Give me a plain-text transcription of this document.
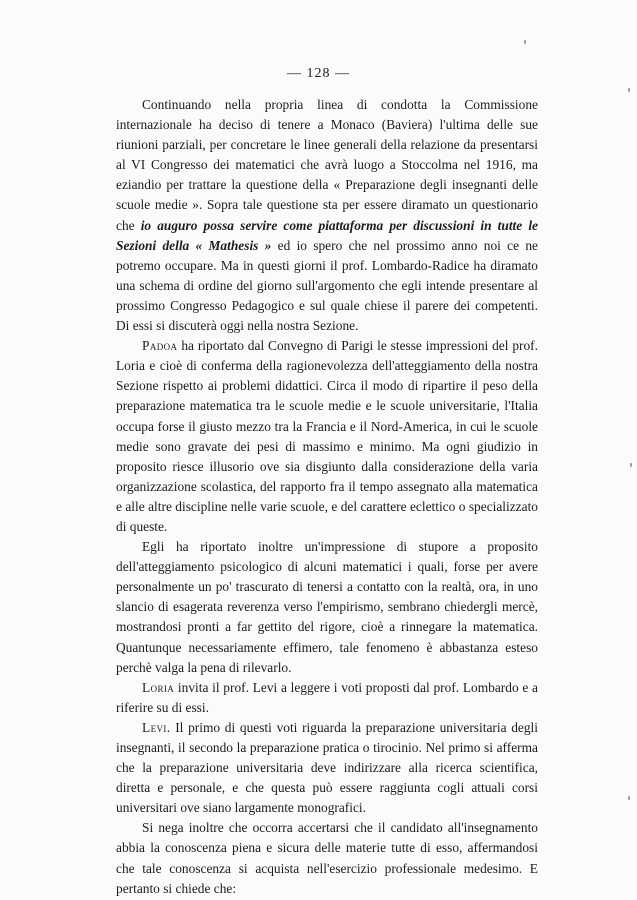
— 128 —

Continuando nella propria linea di condotta la Commissione internazionale ha deciso di tenere a Monaco (Baviera) l'ultima delle sue riunioni parziali, per concretare le linee generali della relazione da presentarsi al VI Congresso dei matematici che avrà luogo a Stoccolma nel 1916, ma eziandio per trattare la questione della « Preparazione degli insegnanti delle scuole medie ». Sopra tale questione sta per essere diramato un questionario che io auguro possa servire come piattaforma per discussioni in tutte le Sezioni della « Mathesis » ed io spero che nel prossimo anno noi ce ne potremo occupare. Ma in questi giorni il prof. Lombardo-Radice ha diramato una schema di ordine del giorno sull'argomento che egli intende presentare al prossimo Congresso Pedagogico e sul quale chiese il parere dei competenti. Di essi si discuterà oggi nella nostra Sezione.

Padoa ha riportato dal Convegno di Parigi le stesse impressioni del prof. Loria e cioè di conferma della ragionevolezza dell'atteggiamento della nostra Sezione rispetto ai problemi didattici. Circa il modo di ripartire il peso della preparazione matematica tra le scuole medie e le scuole universitarie, l'Italia occupa forse il giusto mezzo tra la Francia e il Nord-America, in cui le scuole medie sono gravate dei pesi di massimo e minimo. Ma ogni giudizio in proposito riesce illusorio ove sia disgiunto dalla considerazione della varia organizzazione scolastica, del rapporto fra il tempo assegnato alla matematica e alle altre discipline nelle varie scuole, e del carattere eclettico o specializzato di queste.

Egli ha riportato inoltre un'impressione di stupore a proposito dell'atteggiamento psicologico di alcuni matematici i quali, forse per avere personalmente un po' trascurato di tenersi a contatto con la realtà, ora, in uno slancio di esagerata reverenza verso l'empirismo, sembrano chiedergli mercè, mostrandosi pronti a far gettito del rigore, cioè a rinnegare la matematica. Quantunque necessariamente effimero, tale fenomeno è abbastanza esteso perchè valga la pena di rilevarlo.

Loria invita il prof. Levi a leggere i voti proposti dal prof. Lombardo e a riferire su di essi.

Levi. Il primo di questi voti riguarda la preparazione universitaria degli insegnanti, il secondo la preparazione pratica o tirocinio. Nel primo si afferma che la preparazione universitaria deve indirizzare alla ricerca scientifica, diretta e personale, e che questa può essere raggiunta cogli attuali corsi universitari ove siano largamente monografici.

Si nega inoltre che occorra accertarsi che il candidato all'insegnamento abbia la conoscenza piena e sicura delle materie tutte di esso, affermandosi che tale conoscenza si acquista nell'esercizio professionale medesimo. E pertanto si chiede che:
